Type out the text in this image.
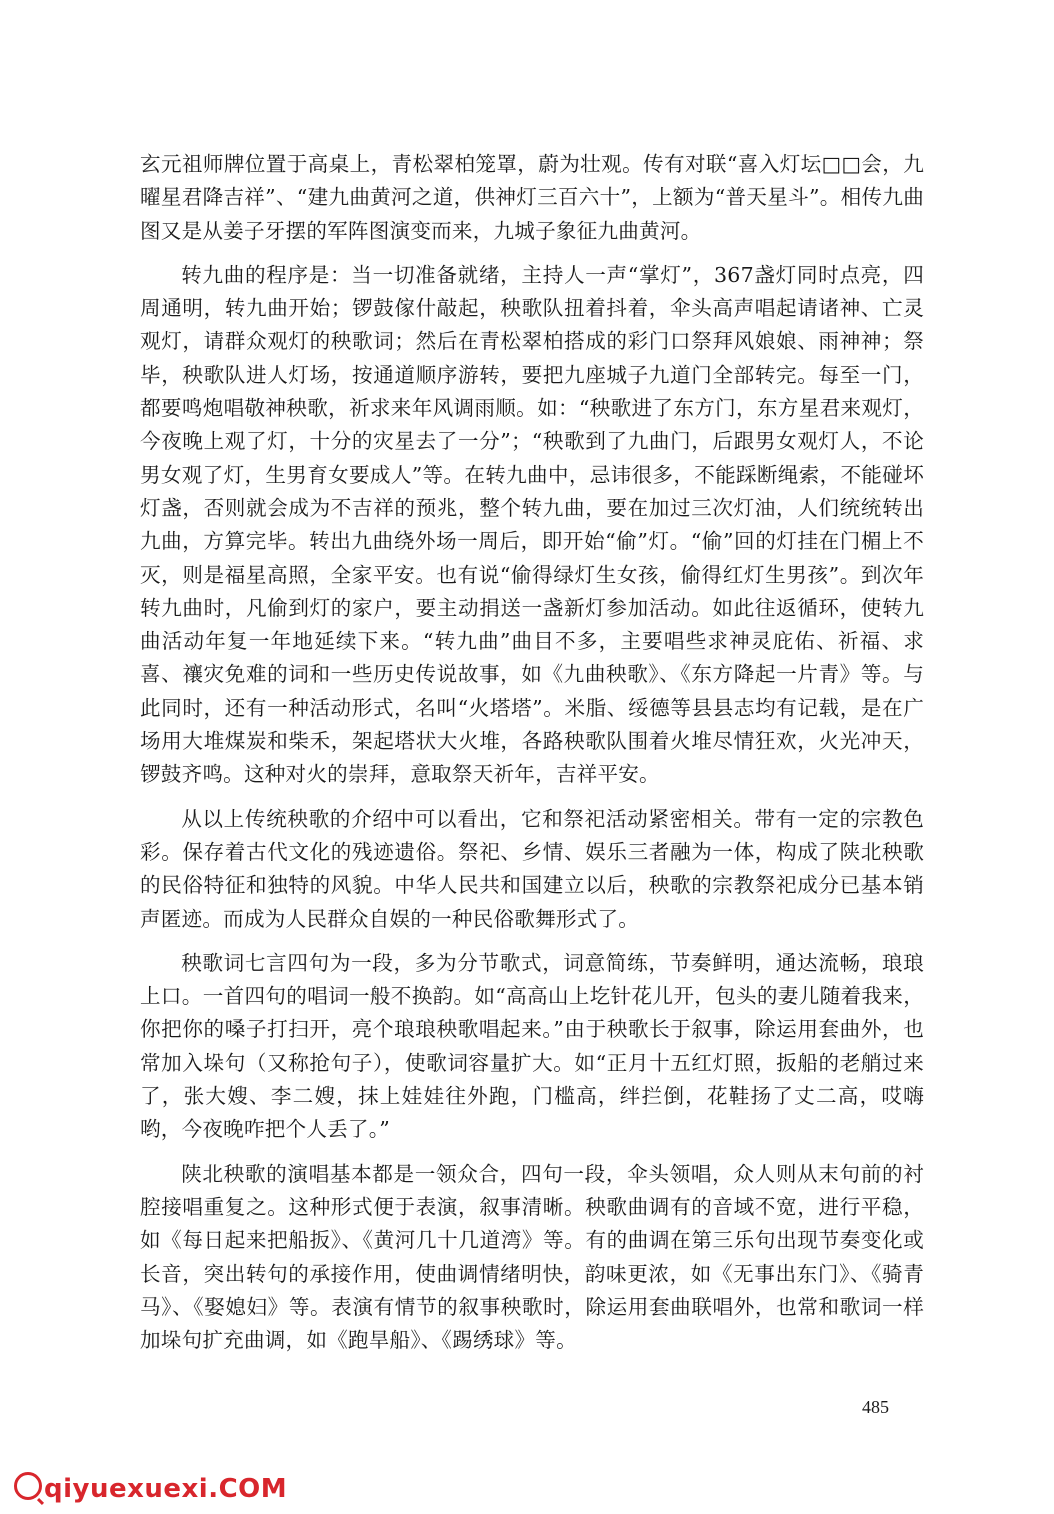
玄元祖师牌位置于高桌上，青松翠柏笼罩，蔚为壮观。传有对联“喜入灯坛□□会，九曜星君降吉祥”、“建九曲黄河之道，供神灯三百六十”，上额为“普天星斗”。相传九曲图又是从姜子牙摆的军阵图演变而来，九城子象征九曲黄河。

转九曲的程序是：当一切准备就绪，主持人一声“掌灯”，367盏灯同时点亮，四周通明，转九曲开始；锣鼓傢什敲起，秧歌队扭着抖着，伞头高声唱起请诸神、亡灵观灯，请群众观灯的秧歌词；然后在青松翠柏搭成的彩门口祭拜风娘娘、雨神神；祭毕，秧歌队进人灯场，按通道顺序游转，要把九座城子九道门全部转完。每至一门，都要鸣炮唱敬神秧歌，祈求来年风调雨顺。如：“秧歌进了东方门，东方星君来观灯，今夜晚上观了灯，十分的灾星去了一分”；“秧歌到了九曲门，后跟男女观灯人，不论男女观了灯，生男育女要成人”等。在转九曲中，忌讳很多，不能踩断绳索，不能碰坏灯盏，否则就会成为不吉祥的预兆，整个转九曲，要在加过三次灯油，人们统统转出九曲，方算完毕。转出九曲绕外场一周后，即开始“偷”灯。“偷”回的灯挂在门楣上不灭，则是福星高照，全家平安。也有说“偷得绿灯生女孩，偷得红灯生男孩”。到次年转九曲时，凡偷到灯的家户，要主动捐送一盏新灯参加活动。如此往返循环，使转九曲活动年复一年地延续下来。“转九曲”曲目不多，主要唱些求神灵庇佑、祈福、求喜、禳灾免难的词和一些历史传说故事，如《九曲秧歌》、《东方降起一片青》等。与此同时，还有一种活动形式，名叫“火塔塔”。米脂、绥德等县县志均有记载，是在广场用大堆煤炭和柴禾，架起塔状大火堆，各路秧歌队围着火堆尽情狂欢，火光冲天，锣鼓齐鸣。这种对火的崇拜，意取祭天祈年，吉祥平安。

从以上传统秧歌的介绍中可以看出，它和祭祀活动紧密相关。带有一定的宗教色彩。保存着古代文化的残迹遗俗。祭祀、乡情、娱乐三者融为一体，构成了陕北秧歌的民俗特征和独特的风貌。中华人民共和国建立以后，秧歌的宗教祭祀成分已基本销声匿迹。而成为人民群众自娱的一种民俗歌舞形式了。

秧歌词七言四句为一段，多为分节歌式，词意简练，节奏鲜明，通达流畅，琅琅上口。一首四句的唱词一般不换韵。如“高高山上圪针花儿开，包头的妻儿随着我来，你把你的嗓子打扫开，亮个琅琅秧歌唱起来。”由于秧歌长于叙事，除运用套曲外，也常加入垛句（又称抢句子），使歌词容量扩大。如“正月十五红灯照，扳船的老艄过来了，张大嫂、李二嫂，抹上娃娃往外跑，门槛高，绊拦倒，花鞋扬了丈二高，哎嗨哟，今夜晚咋把个人丢了。”

陕北秧歌的演唱基本都是一领众合，四句一段，伞头领唱，众人则从末句前的衬腔接唱重复之。这种形式便于表演，叙事清晰。秧歌曲调有的音域不宽，进行平稳，如《每日起来把船扳》、《黄河几十几道湾》等。有的曲调在第三乐句出现节奏变化或长音，突出转句的承接作用，使曲调情绪明快，韵味更浓，如《无事出东门》、《骑青马》、《娶媳妇》等。表演有情节的叙事秧歌时，除运用套曲联唱外，也常和歌词一样加垛句扩充曲调，如《跑旱船》、《踢绣球》等。

485
qiyuexuexi.COM
